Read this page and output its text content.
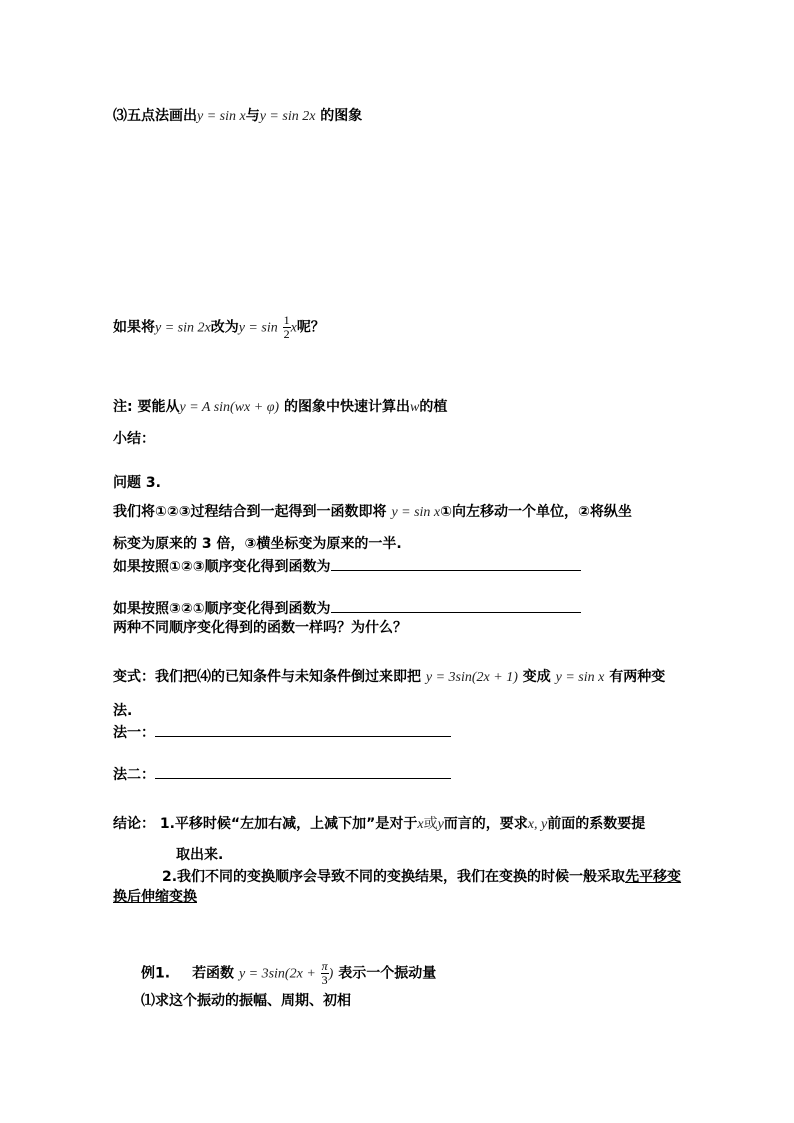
⑶五点法画出y = sin x与y = sin 2x 的图象
如果将y = sin 2x改为$y = \sin \frac{1}{2}$ x呢？
注: 要能从y = A sin(wx + φ) 的图象中快速计算出w的植
小结：
问题 3.
我们将①②③过程结合到一起得到一函数即将 y = sin x①向左移动一个单位，②将纵坐
标变为原来的 3 倍，③横坐标变为原来的一半.
如果按照①②③顺序变化得到函数为
如果按照③②①顺序变化得到函数为
两种不同顺序变化得到的函数一样吗？为什么？
变式：我们把⑷的已知条件与未知条件倒过来即把 y = 3sin(2x + 1) 变成 y = sin x 有两种变
法.
法一：
法二：
结论： 1.平移时候“左加右减，上减下加”是对于x或y而言的，要求x, y前面的系数要提
取出来.
2.我们不同的变换顺序会导致不同的变换结果，我们在变换的时候一般采取先平移变
换后伸缩变换
例1. 若函数 $y = 3\sin(2x + \frac{\pi}{3}$ ) 表示一个振动量
⑴求这个振动的振幅、周期、初相
